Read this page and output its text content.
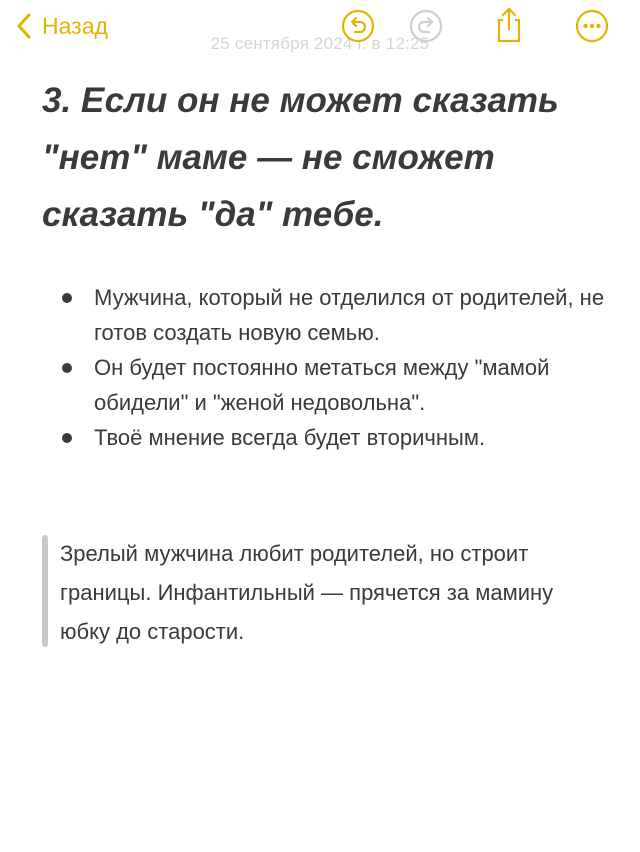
25 сентября 2024 г. в 12:25
Назад
3. Если он не может сказать "нет" маме — не сможет сказать "да" тебе.
Мужчина, который не отделился от родителей, не готов создать новую семью.
Он будет постоянно метаться между "мамой обидели" и "женой недовольна".
Твоё мнение всегда будет вторичным.
Зрелый мужчина любит родителей, но строит границы. Инфантильный — прячется за мамину юбку до старости.
